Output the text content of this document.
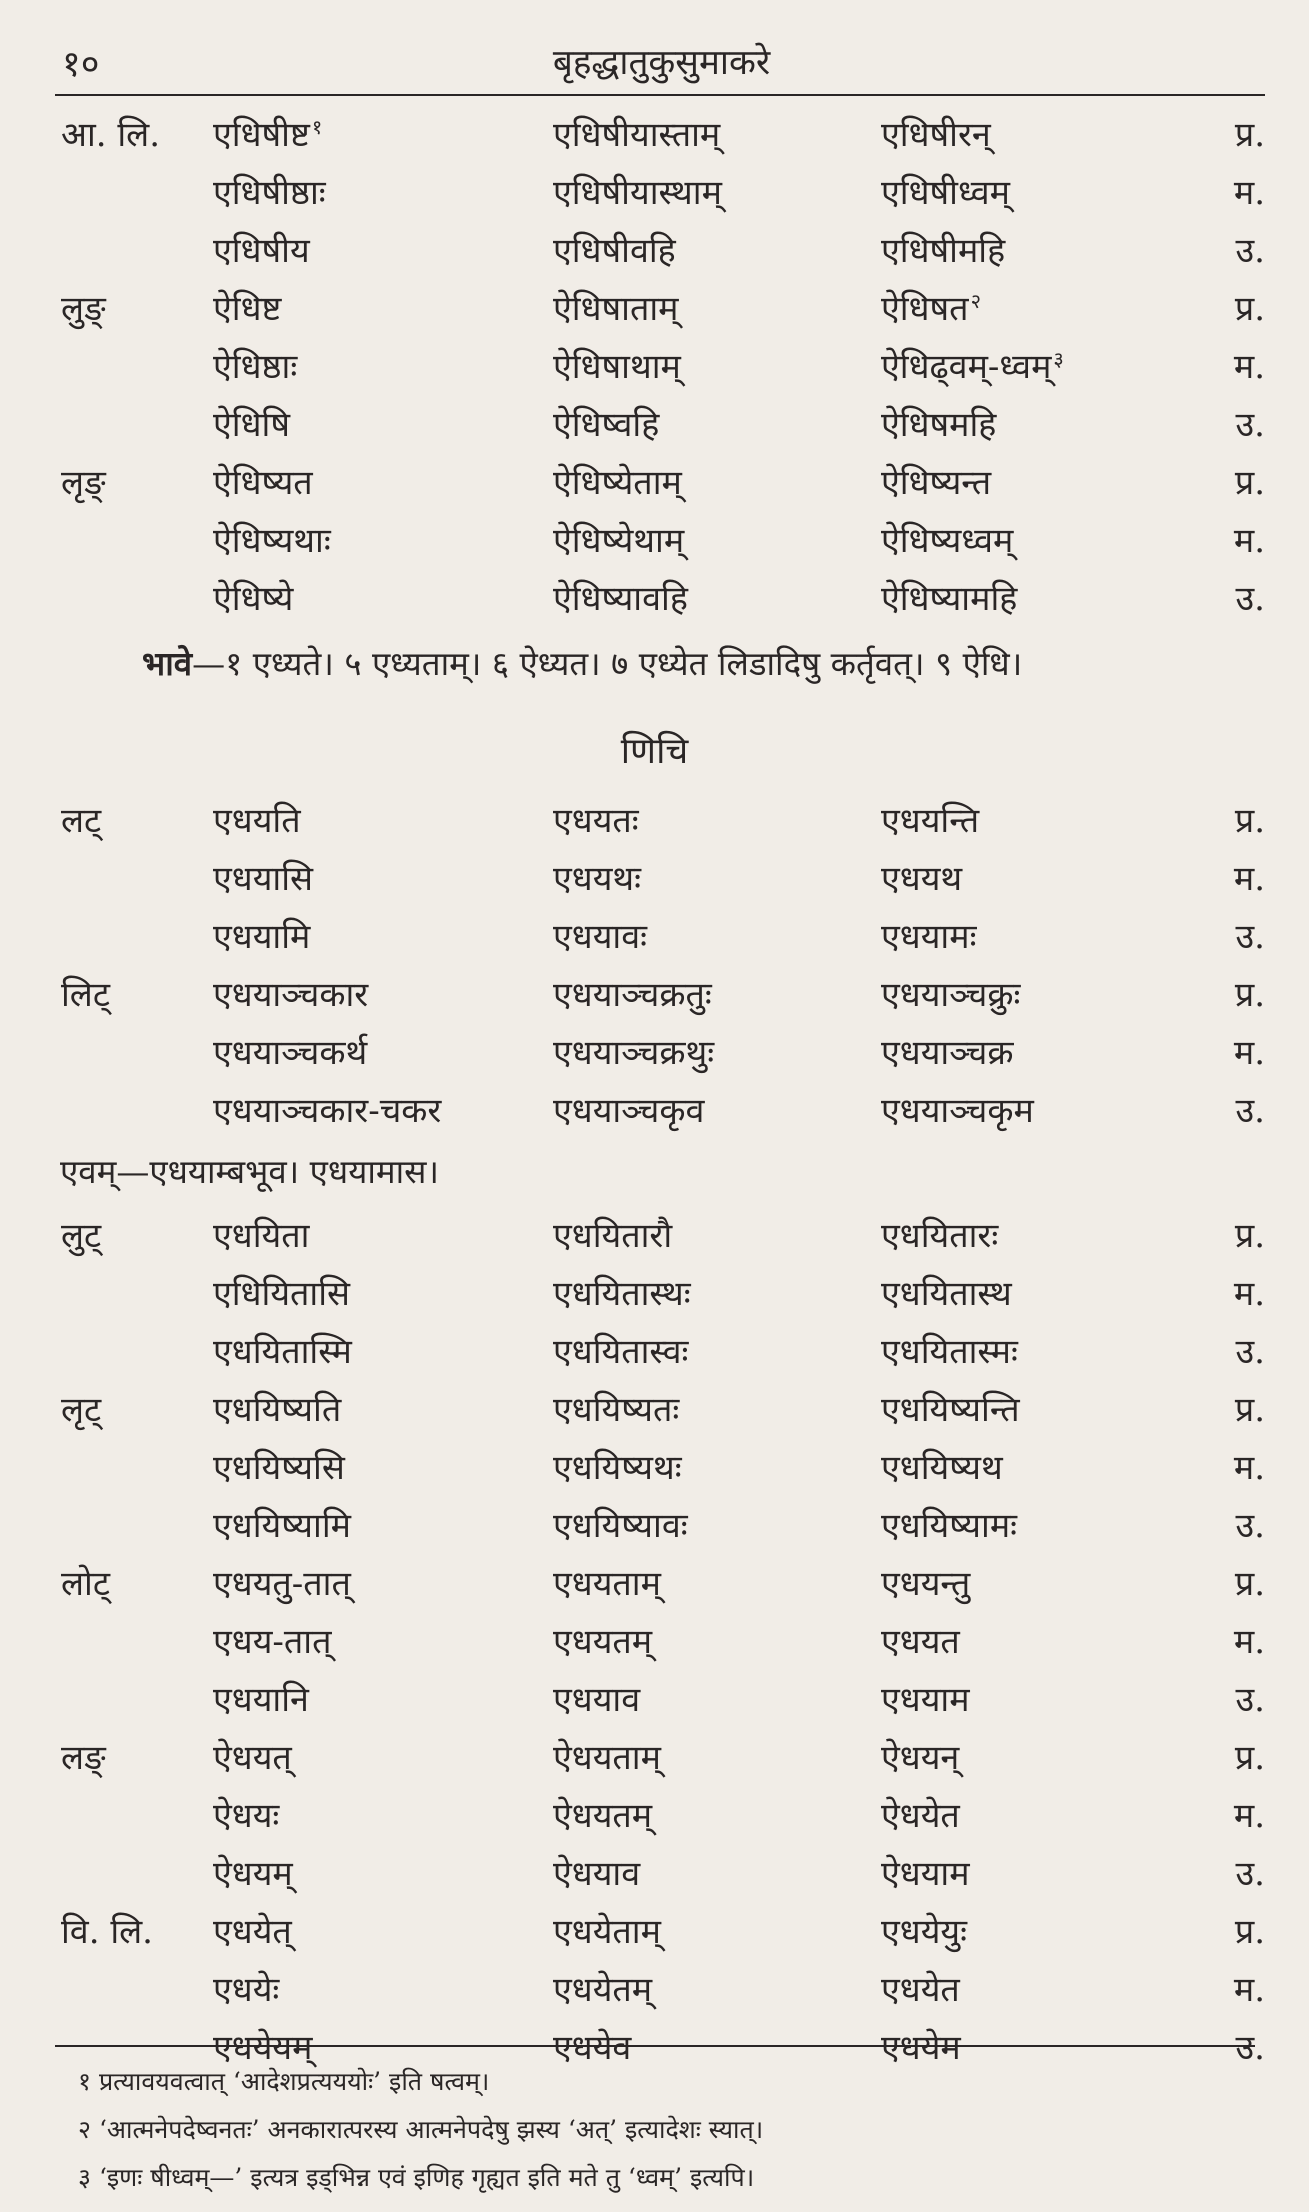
१०	बृहद्धातुकुसुमाकरे
आ. लि. एधिषीष्ट $^१$	एधिषीयास्ताम्	एधिषीरन्	प्र.
एधिषीष्ठाः	एधिषीयास्थाम्	एधिषीध्वम्	म.
एधिषीय	एधिषीवहि	एधिषीमहि	उ.
लुङ्	ऐधिष्ट	ऐधिषाताम्	ऐधिषत $^२$	प्र.
ऐधिष्ठाः	ऐधिषाथाम्	ऐधिढ्वम्-ध्वम् $^३$	म.
ऐधिषि	ऐधिष्वहि	ऐधिषमहि	उ.
लृङ्	ऐधिष्यत	ऐधिष्येताम्	ऐधिष्यन्त	प्र.
ऐधिष्यथाः	ऐधिष्येथाम्	ऐधिष्यध्वम्	म.
ऐधिष्ये	ऐधिष्यावहि	ऐधिष्यामहि	उ.
भावे—१ एध्यते। ५ एध्यताम्। ६ ऐध्यत। ७ एध्येत लिडादिषु कर्तृवत्। ९ ऐधि।
णिचि
लट्	एधयति	एधयतः	एधयन्ति	प्र.
एधयासि	एधयथः	एधयथ	म.
एधयामि	एधयावः	एधयामः	उ.
लिट्	एधयाञ्चकार	एधयाञ्चक्रतुः	एधयाञ्चक्रुः	प्र.
एधयाञ्चकर्थ	एधयाञ्चक्रथुः	एधयाञ्चक्र	म.
एधयाञ्चकार-चकर	एधयाञ्चकृव	एधयाञ्चकृम	उ.
एवम्—एधयाम्बभूव। एधयामास।
लुट्	एधयिता	एधयितारौ	एधयितारः	प्र.
एधियितासि	एधयितास्थः	एधयितास्थ	म.
एधयितास्मि	एधयितास्वः	एधयितास्मः	उ.
लृट्	एधयिष्यति	एधयिष्यतः	एधयिष्यन्ति	प्र.
एधयिष्यसि	एधयिष्यथः	एधयिष्यथ	म.
एधयिष्यामि	एधयिष्यावः	एधयिष्यामः	उ.
लोट्	एधयतु-तात्	एधयताम्	एधयन्तु	प्र.
एधय-तात्	एधयतम्	एधयत	म.
एधयानि	एधयाव	एधयाम	उ.
लङ्	ऐधयत्	ऐधयताम्	ऐधयन्	प्र.
ऐधयः	ऐधयतम्	ऐधयेत	म.
ऐधयम्	ऐधयाव	ऐधयाम	उ.
वि. लि. एधयेत्	एधयेताम्	एधयेयुः	प्र.
एधयेः	एधयेतम्	एधयेत	म.
एधयेयम्	एधयेव	एधयेम	उ.
१ प्रत्यावयवत्वात् ‘आदेशप्रत्यययोः’ इति षत्वम्।
२ ‘आत्मनेपदेष्वनतः’ अनकारात्परस्य आत्मनेपदेषु झस्य ‘अत्’ इत्यादेशः स्यात्।
३ ‘इणः षीध्वम्—’ इत्यत्र इड्भिन्न एवं इणिह गृह्यत इति मते तु ‘ध्वम्’ इत्यपि।
